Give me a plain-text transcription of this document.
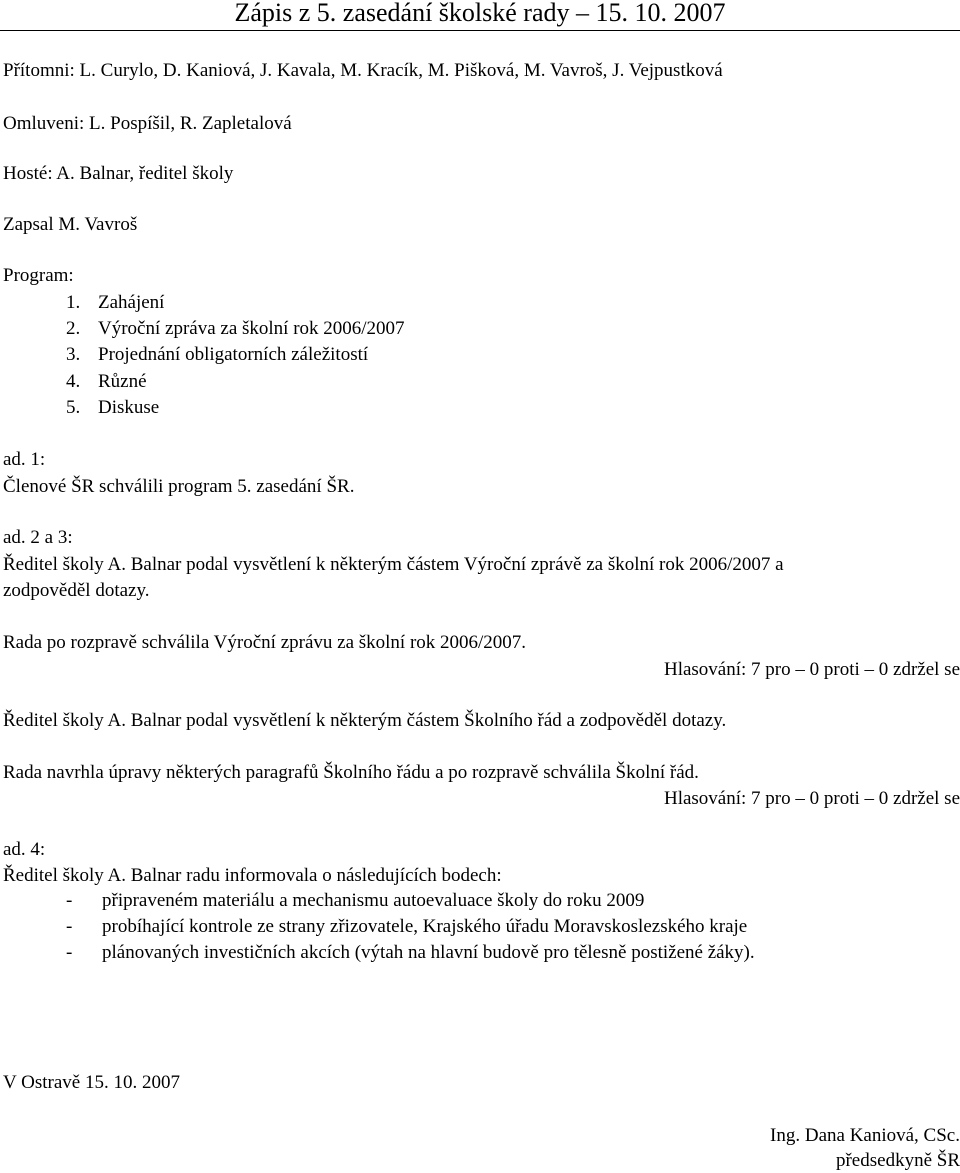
Zápis z 5. zasedání školské rady – 15. 10. 2007
Přítomni: L. Curylo, D. Kaniová, J. Kavala, M. Kracík, M. Pišková, M. Vavroš, J. Vejpustková
Omluveni: L. Pospíšil, R. Zapletalová
Hosté: A. Balnar, ředitel školy
Zapsal M. Vavroš
Program:
1. Zahájení
2. Výroční zpráva za školní rok 2006/2007
3. Projednání obligatorních záležitostí
4. Různé
5. Diskuse
ad. 1:
Členové ŠR schválili program 5. zasedání ŠR.
ad. 2 a 3:
Ředitel školy A. Balnar podal vysvětlení k některým částem Výroční zprávě za školní rok 2006/2007 a
zodpověděl dotazy.
Rada po rozpravě schválila Výroční zprávu za školní rok 2006/2007.
Hlasování: 7 pro – 0 proti – 0 zdržel se
Ředitel školy A. Balnar podal vysvětlení k některým částem Školního řád a zodpověděl dotazy.
Rada navrhla úpravy některých paragrafů Školního řádu a po rozpravě schválila Školní řád.
Hlasování: 7 pro – 0 proti – 0 zdržel se
ad. 4:
Ředitel školy A. Balnar radu informovala o následujících bodech:
- připraveném materiálu a mechanismu autoevaluace školy do roku 2009
- probíhající kontrole ze strany zřizovatele, Krajského úřadu Moravskoslezského kraje
- plánovaných investičních akcích (výtah na hlavní budově pro tělesně postižené žáky).
V Ostravě 15. 10. 2007
Ing. Dana Kaniová, CSc.
předsedkyně ŠR
